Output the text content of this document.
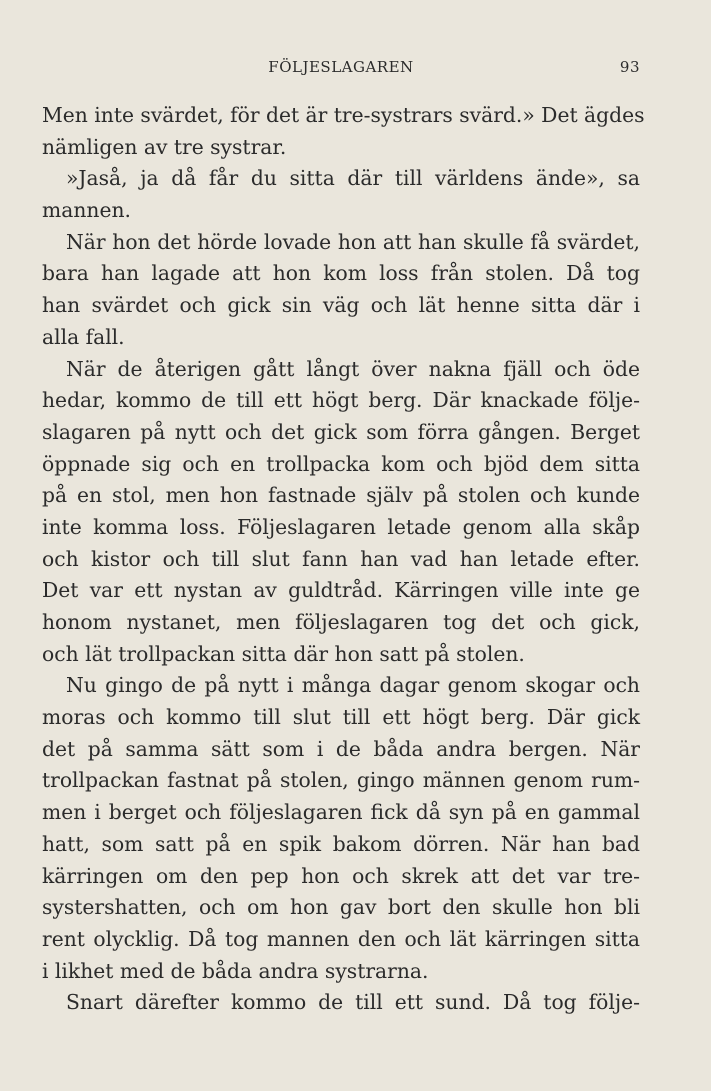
FÖLJESLAGAREN	93
Men inte svärdet, för det är tre-systrars svärd.» Det ägdes
nämligen av tre systrar.
»Jaså, ja då får du sitta där till världens ände», sa
mannen.
När hon det hörde lovade hon att han skulle få svärdet,
bara han lagade att hon kom loss från stolen. Då tog
han svärdet och gick sin väg och lät henne sitta där i
alla fall.
När de återigen gått långt över nakna fjäll och öde
hedar, kommo de till ett högt berg. Där knackade följe-
slagaren på nytt och det gick som förra gången. Berget
öppnade sig och en trollpacka kom och bjöd dem sitta
på en stol, men hon fastnade själv på stolen och kunde
inte komma loss. Följeslagaren letade genom alla skåp
och kistor och till slut fann han vad han letade efter.
Det var ett nystan av guldtråd. Kärringen ville inte ge
honom nystanet, men följeslagaren tog det och gick,
och lät trollpackan sitta där hon satt på stolen.
Nu gingo de på nytt i många dagar genom skogar och
moras och kommo till slut till ett högt berg. Där gick
det på samma sätt som i de båda andra bergen. När
trollpackan fastnat på stolen, gingo männen genom rum-
men i berget och följeslagaren fick då syn på en gammal
hatt, som satt på en spik bakom dörren. När han bad
kärringen om den pep hon och skrek att det var tre-
systershatten, och om hon gav bort den skulle hon bli
rent olycklig. Då tog mannen den och lät kärringen sitta
i likhet med de båda andra systrarna.
Snart därefter kommo de till ett sund. Då tog följe-
